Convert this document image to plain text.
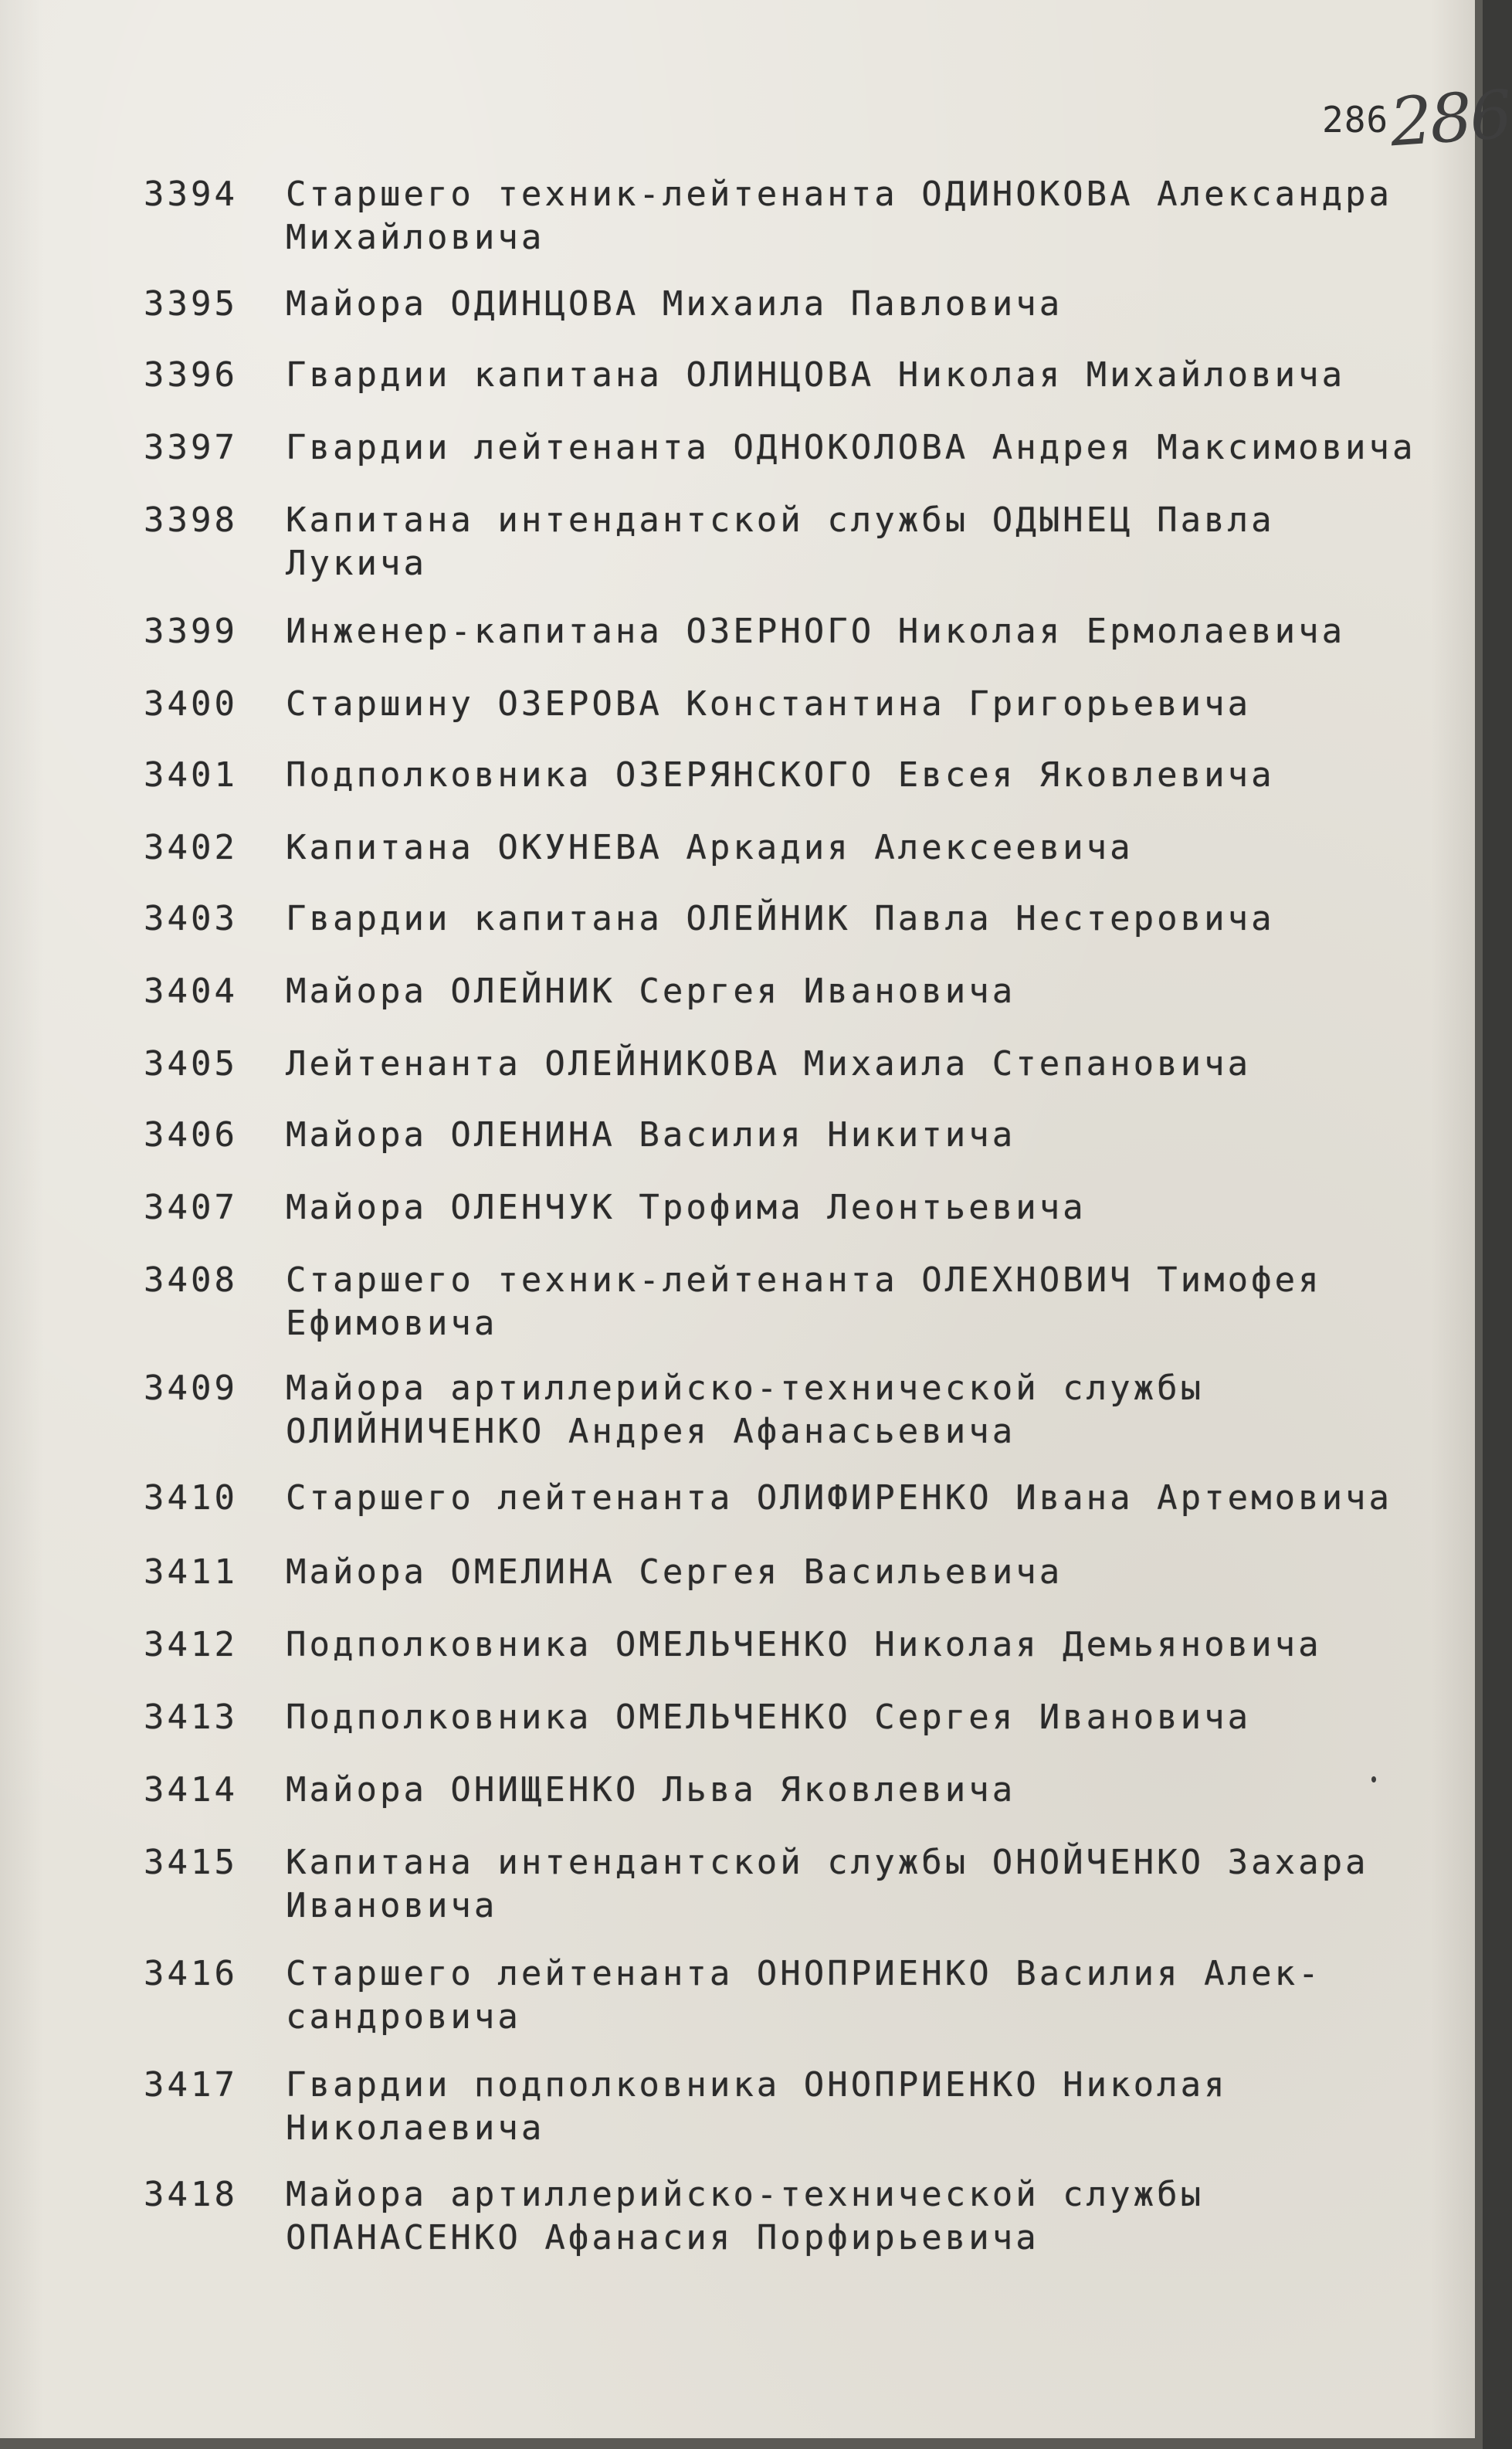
286
286
3394	Старшего техник-лейтенанта ОДИНОКОВА Александра
Михайловича
3395	Майора ОДИНЦОВА Михаила Павловича
3396	Гвардии капитана ОЛИНЦОВА Николая Михайловича
3397	Гвардии лейтенанта ОДНОКОЛОВА Андрея Максимовича
3398	Капитана интендантской службы ОДЫНЕЦ Павла
Лукича
3399	Инженер-капитана ОЗЕРНОГО Николая Ермолаевича
3400	Старшину ОЗЕРОВА Константина Григорьевича
3401	Подполковника ОЗЕРЯНСКОГО Евсея Яковлевича
3402	Капитана ОКУНЕВА Аркадия Алексеевича
3403	Гвардии капитана ОЛЕЙНИК Павла Нестеровича
3404	Майора ОЛЕЙНИК Сергея Ивановича
3405	Лейтенанта ОЛЕЙНИКОВА Михаила Степановича
3406	Майора ОЛЕНИНА Василия Никитича
3407	Майора ОЛЕНЧУК Трофима Леонтьевича
3408	Старшего техник-лейтенанта ОЛЕХНОВИЧ Тимофея
Ефимовича
3409	Майора артиллерийско-технической службы
ОЛИЙНИЧЕНКО Андрея Афанасьевича
3410	Старшего лейтенанта ОЛИФИРЕНКО Ивана Артемовича
3411	Майора ОМЕЛИНА Сергея Васильевича
3412	Подполковника ОМЕЛЬЧЕНКО Николая Демьяновича
3413	Подполковника ОМЕЛЬЧЕНКО Сергея Ивановича
3414	Майора ОНИЩЕНКО Льва Яковлевича
3415	Капитана интендантской службы ОНОЙЧЕНКО Захара
Ивановича
3416	Старшего лейтенанта ОНОПРИЕНКО Василия Алек-
сандровича
3417	Гвардии подполковника ОНОПРИЕНКО Николая
Николаевича
3418	Майора артиллерийско-технической службы
ОПАНАСЕНКО Афанасия Порфирьевича
